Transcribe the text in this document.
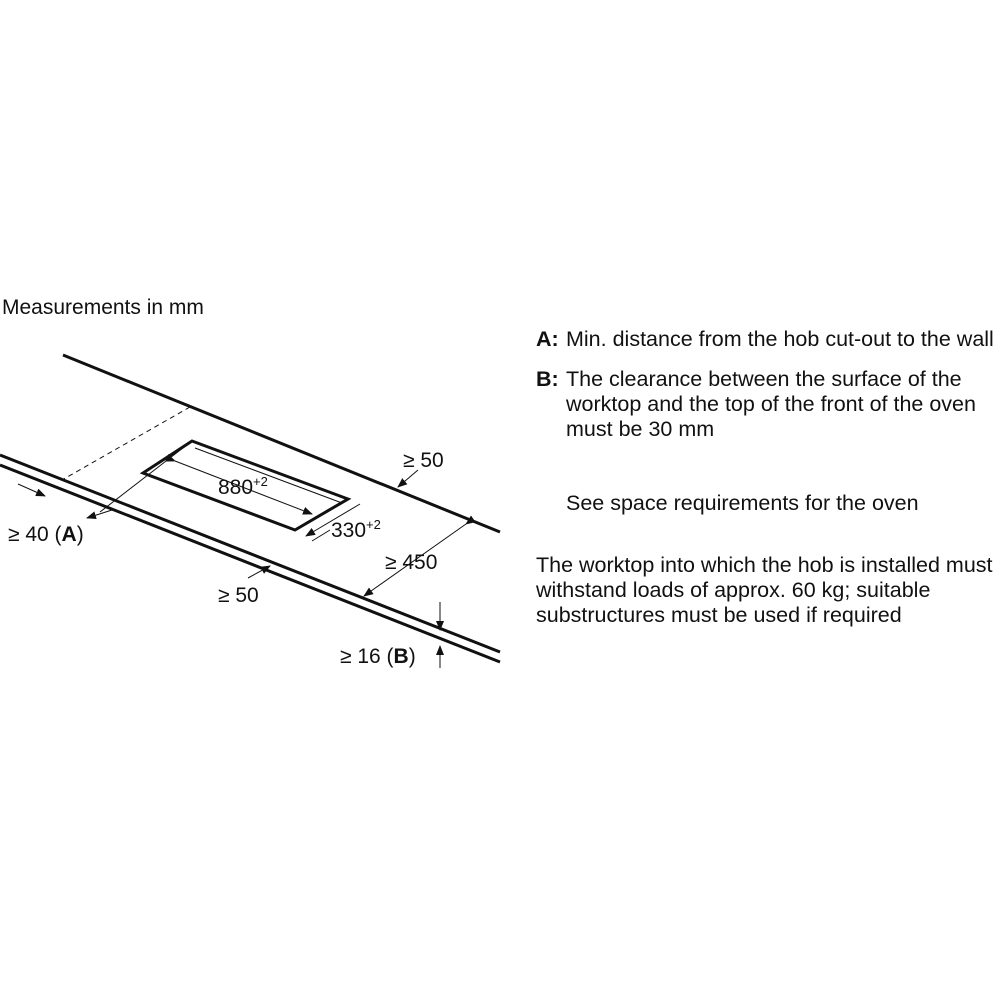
Measurements in mm
$880^{+2}$
$330^{+2}$
≥ 50
≥ 450
≥ 50
≥ 40 (A)
≥ 16 (B)
A: Min. distance from the hob cut-out to the wall
B: The clearance between the surface of the worktop and the top of the front of the oven must be 30 mm
See space requirements for the oven
The worktop into which the hob is installed must withstand loads of approx. 60 kg; suitable substructures must be used if required
